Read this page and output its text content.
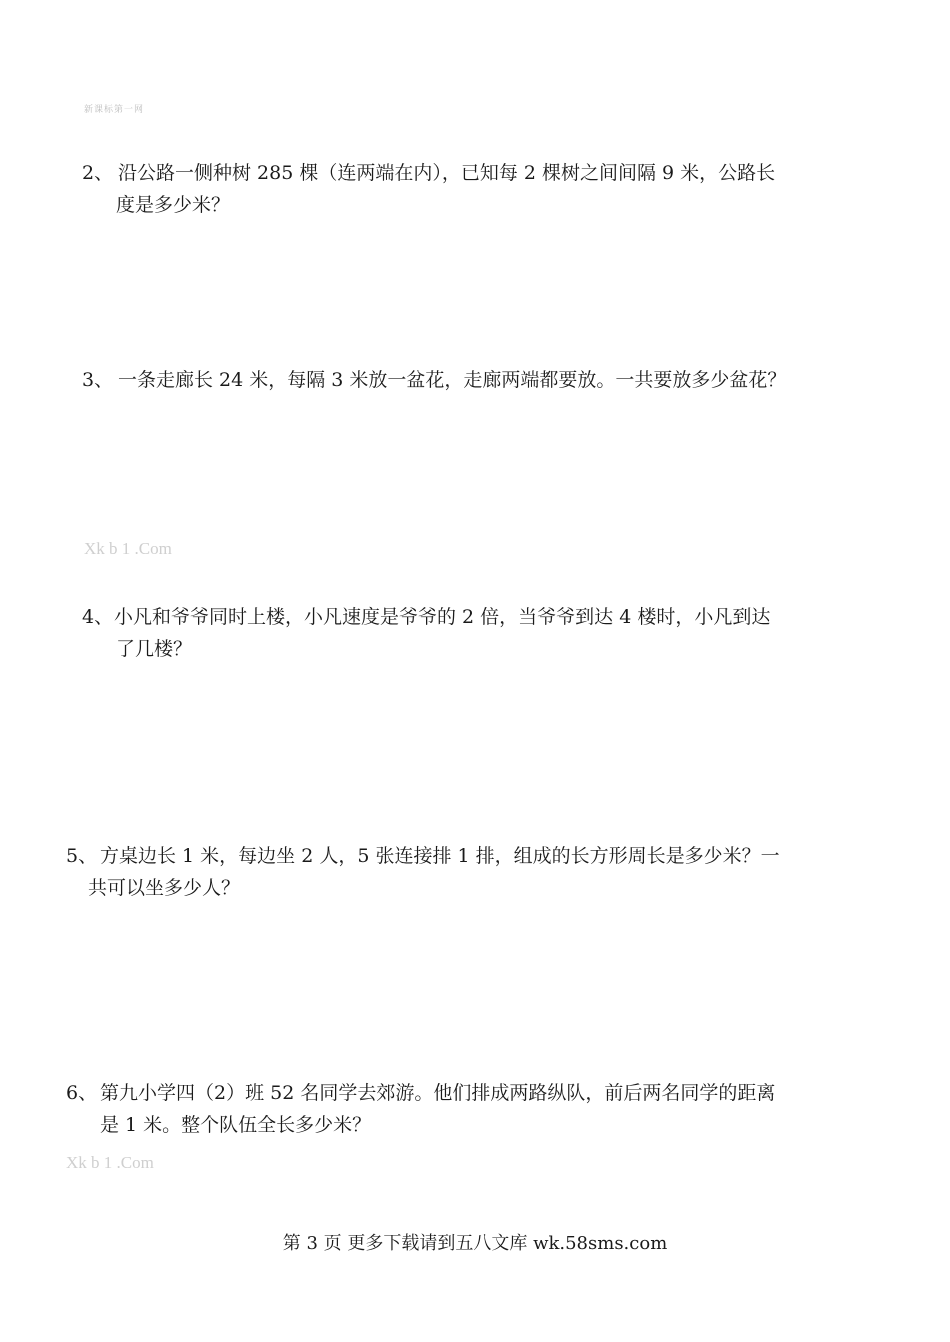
新课标第一网
2、 沿公路一侧种树 285 棵（连两端在内），已知每 2 棵树之间间隔 9 米，公路长
度是多少米？
3、 一条走廊长 24 米，每隔 3 米放一盆花，走廊两端都要放。一共要放多少盆花？
Xk b 1 .Com
4、小凡和爷爷同时上楼，小凡速度是爷爷的 2 倍，当爷爷到达 4 楼时，小凡到达
了几楼？
5、 方桌边长 1 米，每边坐 2 人，5 张连接排 1 排，组成的长方形周长是多少米？一
共可以坐多少人？
6、 第九小学四（2）班 52 名同学去郊游。他们排成两路纵队，前后两名同学的距离
是 1 米。整个队伍全长多少米？
Xk b 1 .Com
第 3 页 更多下载请到五八文库 wk.58sms.com
